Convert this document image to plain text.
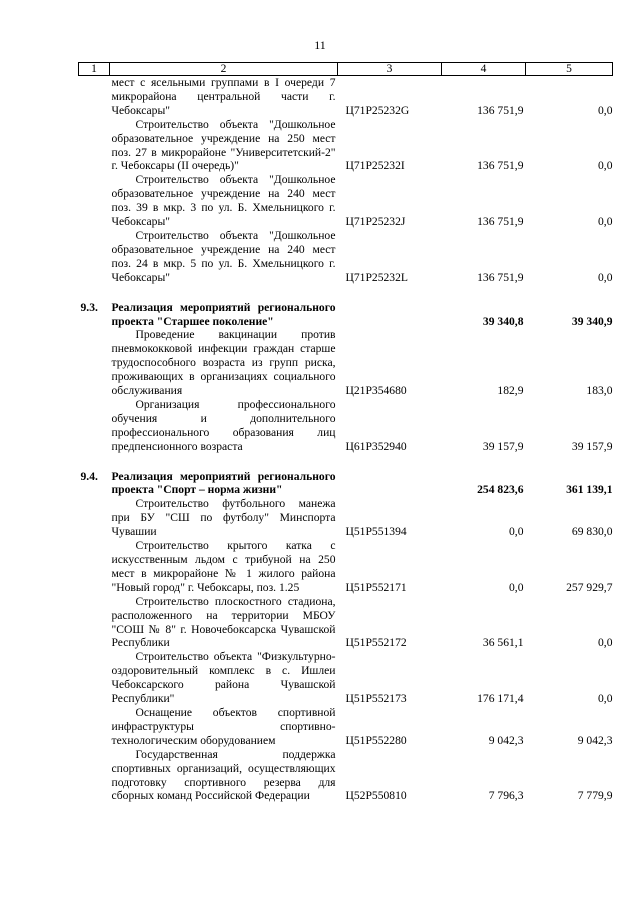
11
1	2	3	4	5
	мест с ясельными группами в I очереди 7 микрорайона центральной части г. Чебоксары"	Ц71P25232G	136 751,9	0,0
	Строительство объекта "Дошкольное образовательное учреждение на 250 мест поз. 27 в микрорайоне "Университетский-2" г. Чебоксары (II очередь)"	Ц71P25232I	136 751,9	0,0
	Строительство объекта "Дошкольное образовательное учреждение на 240 мест поз. 39 в мкр. 3 по ул. Б. Хмельницкого г. Чебоксары"	Ц71P25232J	136 751,9	0,0
	Строительство объекта "Дошкольное образовательное учреждение на 240 мест поз. 24 в мкр. 5 по ул. Б. Хмельницкого г. Чебоксары"	Ц71P25232L	136 751,9	0,0

9.3.	Реализация мероприятий регионального проекта "Старшее поколение"		39 340,8	39 340,9
	Проведение вакцинации против пневмококковой инфекции граждан старше трудоспособного возраста из групп риска, проживающих в организациях социального обслуживания	Ц21P354680	182,9	183,0
	Организация профессионального обучения и дополнительного профессионального образования лиц предпенсионного возраста	Ц61P352940	39 157,9	39 157,9

9.4.	Реализация мероприятий регионального проекта "Спорт – норма жизни"		254 823,6	361 139,1
	Строительство футбольного манежа при БУ "СШ по футболу" Минспорта Чувашии	Ц51P551394	0,0	69 830,0
	Строительство крытого катка с искусственным льдом с трибуной на 250 мест в микрорайоне № 1 жилого района "Новый город" г. Чебоксары, поз. 1.25	Ц51P552171	0,0	257 929,7
	Строительство плоскостного стадиона, расположенного на территории МБОУ "СОШ № 8" г. Новочебоксарска Чувашской Республики	Ц51P552172	36 561,1	0,0
	Строительство объекта "Физкультурно-оздоровительный комплекс в с. Ишлеи Чебоксарского района Чувашской Республики"	Ц51P552173	176 171,4	0,0
	Оснащение объектов спортивной инфраструктуры спортивно-технологическим оборудованием	Ц51P552280	9 042,3	9 042,3
	Государственная поддержка спортивных организаций, осуществляющих подготовку спортивного резерва для сборных команд Российской Федерации	Ц52P550810	7 796,3	7 779,9
